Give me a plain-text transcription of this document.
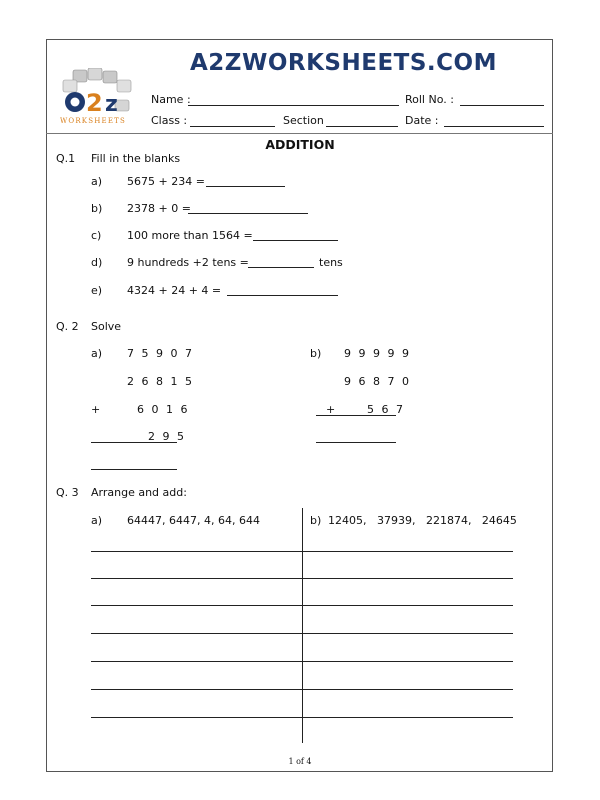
A2ZWORKSHEETS.COM
2 z
WORKSHEETS
Name :	Roll No. :
Class :	Section	Date :
ADDITION
Q.1 Fill in the blanks
a) 5675 + 234 =
b) 2378 + 0 =
c) 100 more than 1564 =
d) 9 hundreds +2 tens =	tens
e) 4324 + 24 + 4 =
Q. 2 Solve
a) 7 5 9 0 7
2 6 8 1 5
+	6 0 1 6
2 9 5
b) 9 9 9 9 9
9 6 8 7 0
+	5 6 7
Q. 3 Arrange and add:
a) 64447, 6447, 4, 64, 644	b) 12405,   37939,   221874,   24645
1 of 4
